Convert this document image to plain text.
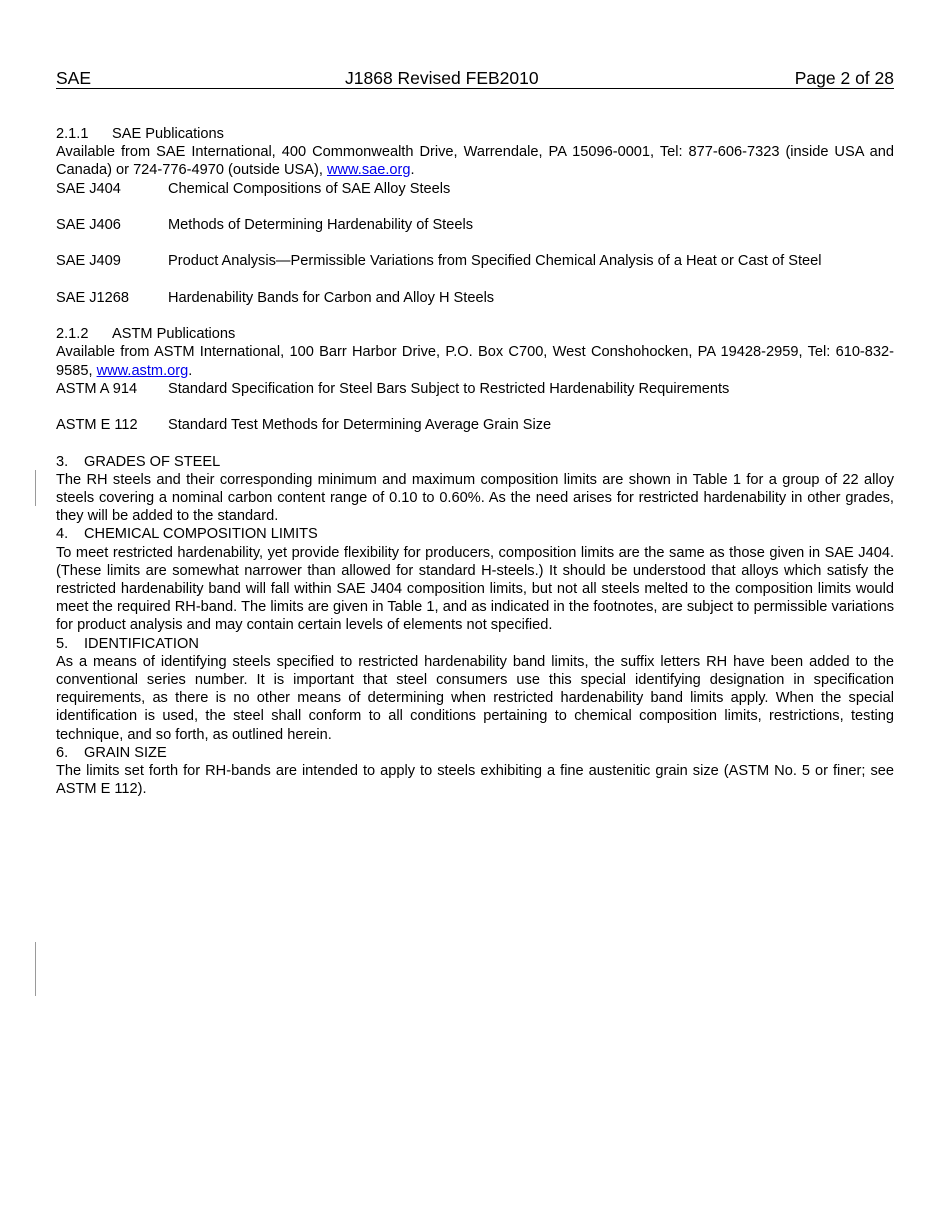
SAE	J1868 Revised FEB2010	Page 2 of 28

2.1.1 SAE Publications

Available from SAE International, 400 Commonwealth Drive, Warrendale, PA 15096-0001, Tel: 877-606-7323 (inside USA and Canada) or 724-776-4970 (outside USA), www.sae.org.

SAE J404	Chemical Compositions of SAE Alloy Steels
SAE J406	Methods of Determining Hardenability of Steels
SAE J409	Product Analysis—Permissible Variations from Specified Chemical Analysis of a Heat or Cast of Steel
SAE J1268	Hardenability Bands for Carbon and Alloy H Steels

2.1.2 ASTM Publications

Available from ASTM International, 100 Barr Harbor Drive, P.O. Box C700, West Conshohocken, PA 19428-2959, Tel: 610-832-9585, www.astm.org.

ASTM A 914	Standard Specification for Steel Bars Subject to Restricted Hardenability Requirements
ASTM E 112	Standard Test Methods for Determining Average Grain Size

3. GRADES OF STEEL

The RH steels and their corresponding minimum and maximum composition limits are shown in Table 1 for a group of 22 alloy steels covering a nominal carbon content range of 0.10 to 0.60%. As the need arises for restricted hardenability in other grades, they will be added to the standard.

4. CHEMICAL COMPOSITION LIMITS

To meet restricted hardenability, yet provide flexibility for producers, composition limits are the same as those given in SAE J404. (These limits are somewhat narrower than allowed for standard H-steels.) It should be understood that alloys which satisfy the restricted hardenability band will fall within SAE J404 composition limits, but not all steels melted to the composition limits would meet the required RH-band. The limits are given in Table 1, and as indicated in the footnotes, are subject to permissible variations for product analysis and may contain certain levels of elements not specified.

5. IDENTIFICATION

As a means of identifying steels specified to restricted hardenability band limits, the suffix letters RH have been added to the conventional series number. It is important that steel consumers use this special identifying designation in specification requirements, as there is no other means of determining when restricted hardenability band limits apply. When the special identification is used, the steel shall conform to all conditions pertaining to chemical composition limits, restrictions, testing technique, and so forth, as outlined herein.

6. GRAIN SIZE

The limits set forth for RH-bands are intended to apply to steels exhibiting a fine austenitic grain size (ASTM No. 5 or finer; see ASTM E 112).
